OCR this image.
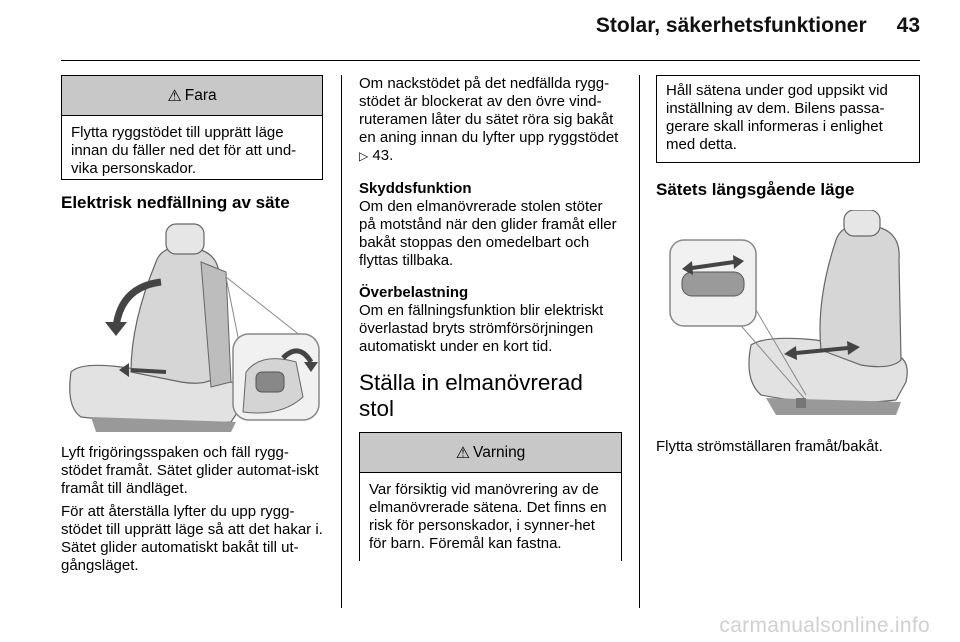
Stolar, säkerhetsfunktioner 43
⚠ Fara
Flytta ryggstödet till upprätt läge innan du fäller ned det för att und-vika personskador.
Elektrisk nedfällning av säte

Lyft frigöringsspaken och fäll rygg-stödet framåt. Sätet glider automat-iskt framåt till ändläget.

För att återställa lyfter du upp rygg-stödet till upprätt läge så att det hakar i. Sätet glider automatiskt bakåt till ut-gångsläget.

Om nackstödet på det nedfällda rygg-stödet är blockerat av den övre vind-ruteramen låter du sätet röra sig bakåt en aning innan du lyfter upp ryggstödet ▷ 43.

Skyddsfunktion

Om den elmanövrerade stolen stöter på motstånd när den glider framåt eller bakåt stoppas den omedelbart och flyttas tillbaka.

Överbelastning

Om en fällningsfunktion blir elektriskt överlastad bryts strömförsörjningen automatiskt under en kort tid.

Ställa in elmanövrerad stol
⚠ Varning
Var försiktig vid manövrering av de elmanövrerade sätena. Det finns en risk för personskador, i synner-het för barn. Föremål kan fastna.
Håll sätena under god uppsikt vid inställning av dem. Bilens passa-gerare skall informeras i enlighet med detta.
Sätets längsgående läge

Flytta strömställaren framåt/bakåt.

carmanualsonline.info
